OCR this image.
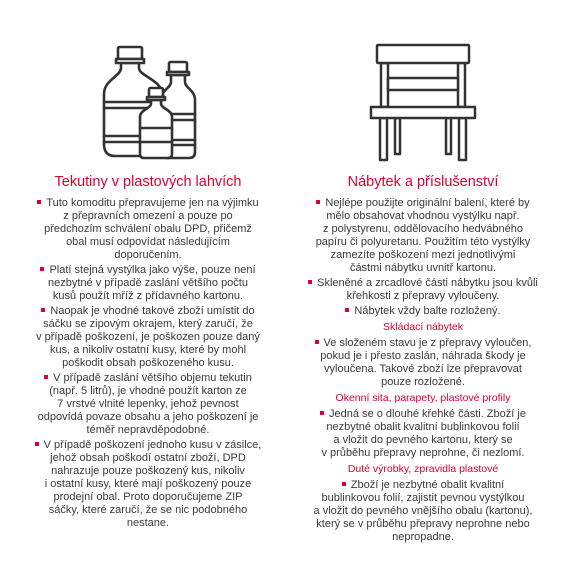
Tekutiny v plastových lahvích
Tuto komoditu přepravujeme jen na výjimku
z přepravních omezení a pouze po
předchozím schválení obalu DPD, přičemž
obal musí odpovídat následujícím
doporučením.
Platí stejná vystýlka jako výše, pouze není
nezbytné v případě zaslání většího počtu
kusů použít mříž z přídavného kartonu.
Naopak je vhodné takové zboží umístit do
sáčku se zipovým okrajem, který zaručí, že
v případě poškození, je poškozen pouze daný
kus, a nikoliv ostatní kusy, které by mohl
poškodit obsah poškozeného kusu.
V případě zaslání většího objemu tekutin
(např. 5 litrů), je vhodné použít karton ze
7 vrstvé vlnité lepenky, jehož pevnost
odpovídá povaze obsahu a jeho poškození je
téměř nepravděpodobné.
V případě poškození jednoho kusu v zásilce,
jehož obsah poškodí ostatní zboží, DPD
nahrazuje pouze poškozený kus, nikoliv
i ostatní kusy, které mají poškozený pouze
prodejní obal. Proto doporučujeme ZIP
sáčky, které zaručí, že se nic podobného
nestane.
Nábytek a příslušenství
Nejlépe použijte originální balení, které by
mělo obsahovat vhodnou vystýlku např.
z polystyrenu, oddělovacího hedvábného
papíru či polyuretanu. Použitím této vystýlky
zamezíte poškození mezi jednotlivými
částmi nábytku uvnitř kartonu.
Skleněné a zrcadlové části nábytku jsou kvůli
křehkosti z přepravy vyloučeny.
Nábytek vždy balte rozložený.
Skládací nábytek
Ve složeném stavu je z přepravy vyloučen,
pokud je i přesto zaslán, náhrada škody je
vyloučena. Takové zboží lze přepravovat
pouze rozložené.
Okenní sita, parapety, plastové profily
Jedná se o dlouhé křehké části. Zboží je
nezbytné obalit kvalitní bublinkovou folií
a vložit do pevného kartonu, který se
v průběhu přepravy neprohne, či nezlomí.
Duté výrobky, zpravidla plastové
Zboží je nezbytné obalit kvalitní
bublinkovou folií, zajistit pevnou vystýlkou
a vložit do pevného vnějšího obalu (kartonu),
který se v průběhu přepravy neprohne nebo
nepropadne.
